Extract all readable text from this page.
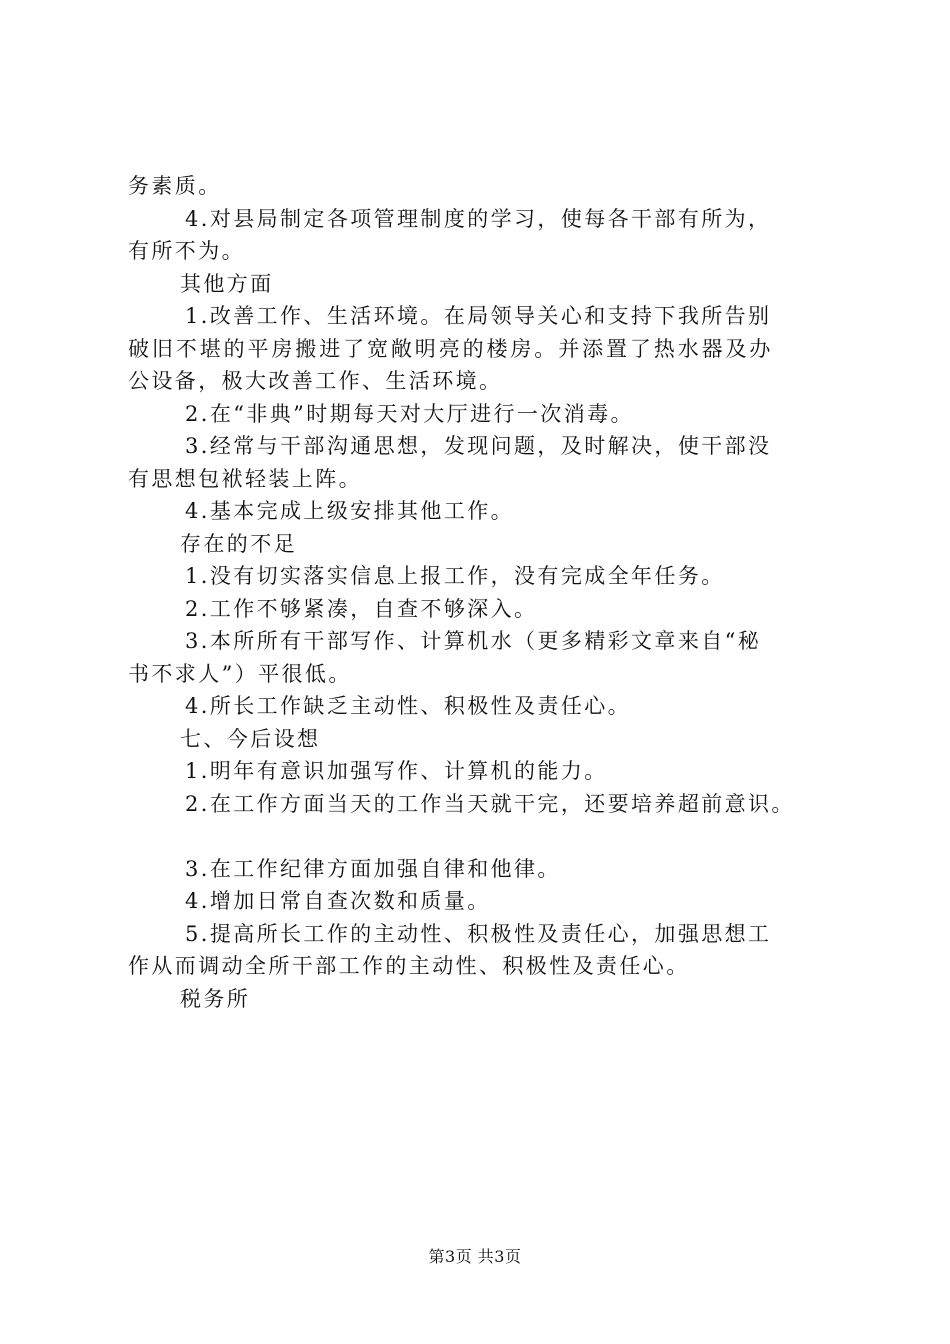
务素质。
4.对县局制定各项管理制度的学习，使每各干部有所为，
有所不为。
其他方面
1.改善工作、生活环境。在局领导关心和支持下我所告别
破旧不堪的平房搬进了宽敞明亮的楼房。并添置了热水器及办
公设备，极大改善工作、生活环境。
2.在“非典”时期每天对大厅进行一次消毒。
3.经常与干部沟通思想，发现问题，及时解决，使干部没
有思想包袱轻装上阵。
4.基本完成上级安排其他工作。
存在的不足
1.没有切实落实信息上报工作，没有完成全年任务。
2.工作不够紧凑，自查不够深入。
3.本所所有干部写作、计算机水（更多精彩文章来自“秘
书不求人”）平很低。
4.所长工作缺乏主动性、积极性及责任心。
七、今后设想
1.明年有意识加强写作、计算机的能力。
2.在工作方面当天的工作当天就干完，还要培养超前意识。
3.在工作纪律方面加强自律和他律。
4.增加日常自查次数和质量。
5.提高所长工作的主动性、积极性及责任心，加强思想工
作从而调动全所干部工作的主动性、积极性及责任心。
税务所
第3页 共3页
